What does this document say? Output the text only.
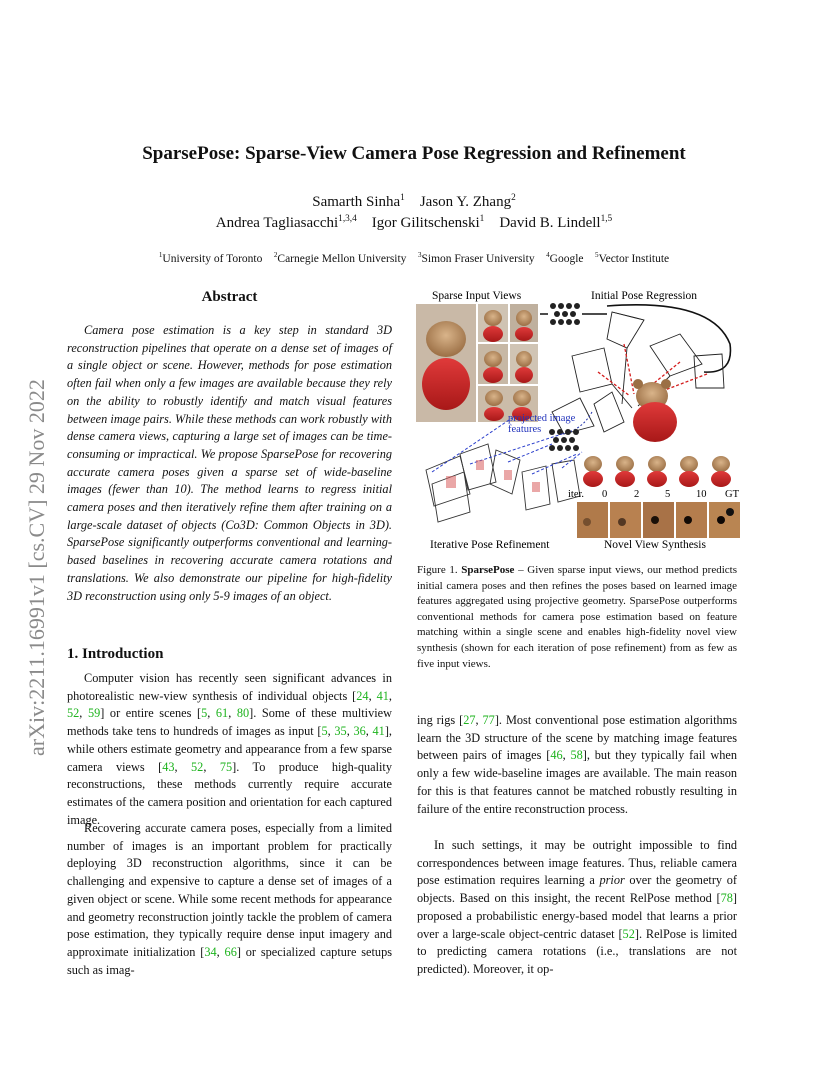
arXiv:2211.16991v1 [cs.CV] 29 Nov 2022
SparsePose: Sparse-View Camera Pose Regression and Refinement
Samarth Sinha$^1$  Jason Y. Zhang$^2$
Andrea Tagliasacchi$^{1,3,4}$  Igor Gilitschenski$^1$  David B. Lindell$^{1,5}$
$^1$University of Toronto  $^2$Carnegie Mellon University  $^3$Simon Fraser University  $^4$Google  $^5$Vector Institute
Abstract

Camera pose estimation is a key step in standard 3D reconstruction pipelines that operate on a dense set of images of a single object or scene. However, methods for pose estimation often fail when only a few images are available because they rely on the ability to robustly identify and match visual features between image pairs. While these methods can work robustly with dense camera views, capturing a large set of images can be time-consuming or impractical. We propose SparsePose for recovering accurate camera poses given a sparse set of wide-baseline images (fewer than 10). The method learns to regress initial camera poses and then iteratively refine them after training on a large-scale dataset of objects (Co3D: Common Objects in 3D). SparsePose significantly outperforms conventional and learning-based baselines in recovering accurate camera rotations and translations. We also demonstrate our pipeline for high-fidelity 3D reconstruction using only 5-9 images of an object.

1. Introduction

Computer vision has recently seen significant advances in photorealistic new-view synthesis of individual objects [24, 41, 52, 59] or entire scenes [5, 61, 80]. Some of these multiview methods take tens to hundreds of images as input [5, 35, 36, 41], while others estimate geometry and appearance from a few sparse camera views [43, 52, 75]. To produce high-quality reconstructions, these methods currently require accurate estimates of the camera position and orientation for each captured image.

Recovering accurate camera poses, especially from a limited number of images is an important problem for practically deploying 3D reconstruction algorithms, since it can be challenging and expensive to capture a dense set of images of a given object or scene. While some recent methods for appearance and geometry reconstruction jointly tackle the problem of camera pose estimation, they typically require dense input imagery and approximate initialization [34, 66] or specialized capture setups such as imag-

ing rigs [27, 77]. Most conventional pose estimation algorithms learn the 3D structure of the scene by matching image features between pairs of images [46, 58], but they typically fail when only a few wide-baseline images are available. The main reason for this is that features cannot be matched robustly resulting in failure of the entire reconstruction process.

In such settings, it may be outright impossible to find correspondences between image features. Thus, reliable camera pose estimation requires learning a prior over the geometry of objects. Based on this insight, the recent RelPose method [78] proposed a probabilistic energy-based model that learns a prior over a large-scale object-centric dataset [52]. RelPose is limited to predicting camera rotations (i.e., translations are not predicted). Moreover, it op-

Sparse Input Views	Initial Pose Regression
projected image
features
iter. 0	2 5 10 GT
Iterative Pose Refinement	Novel View Synthesis

Figure 1. SparsePose – Given sparse input views, our method predicts initial camera poses and then refines the poses based on learned image features aggregated using projective geometry. SparsePose outperforms conventional methods for camera pose estimation based on feature matching within a single scene and enables high-fidelity novel view synthesis (shown for each iteration of pose refinement) from as few as five input views.
